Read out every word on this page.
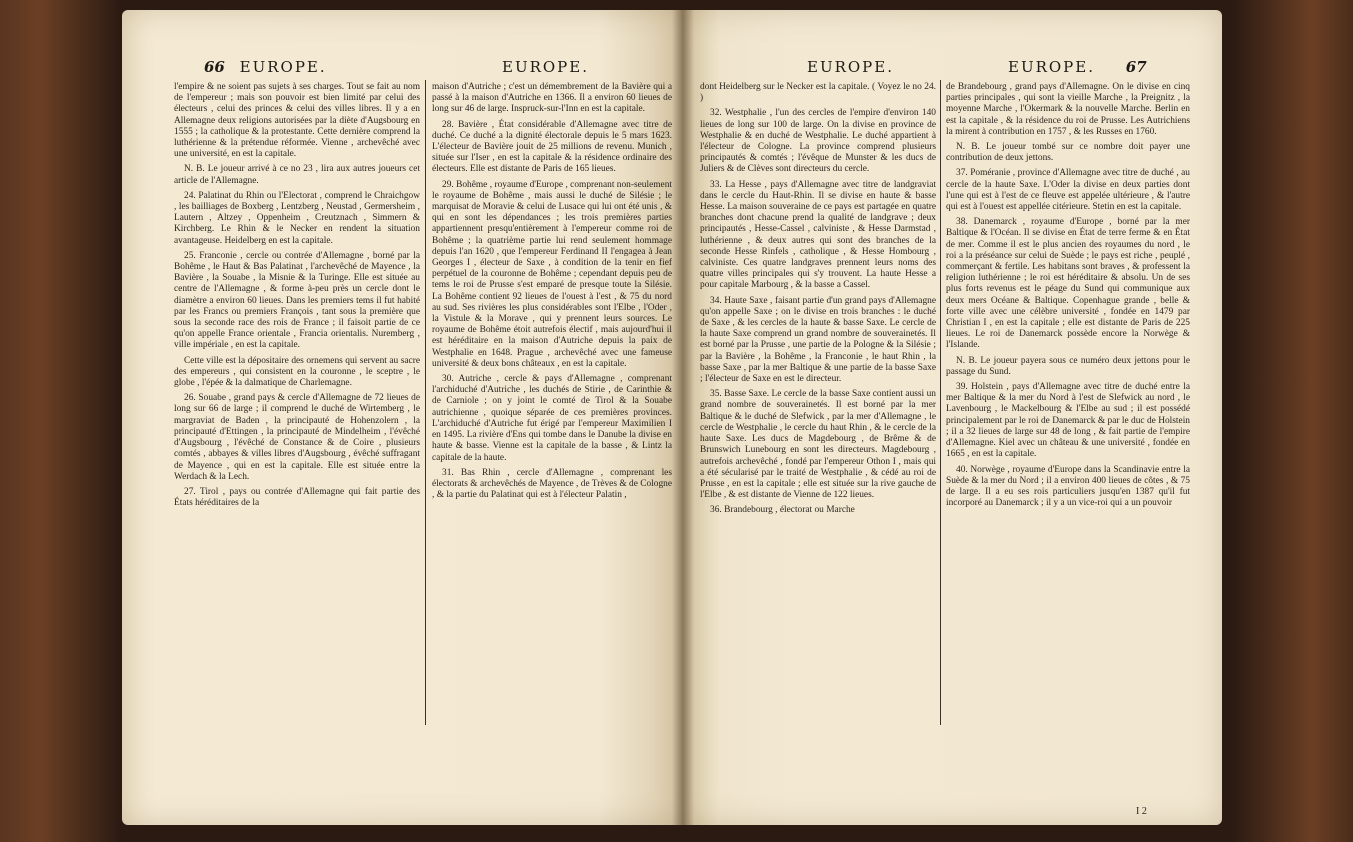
66 EUROPE.	EUROPE.

l'empire & ne soient pas sujets à ses charges. Tout se fait au nom de l'empereur ; mais son pouvoir est bien limité par celui des électeurs , celui des princes & celui des villes libres. Il y a en Allemagne deux religions autorisées par la diète d'Augsbourg en 1555 ; la catholique & la protestante. Cette dernière comprend la luthérienne & la prétendue réformée. Vienne , archevêché avec une université, en est la capitale.

N. B. Le joueur arrivé à ce no 23 , lira aux autres joueurs cet article de l'Allemagne.

24. Palatinat du Rhin ou l'Electorat , comprend le Chraichgow , les bailliages de Boxberg , Lentzberg , Neustad , Germersheim , Lautern , Altzey , Oppenheim , Creutznach , Simmern & Kirchberg. Le Rhin & le Necker en rendent la situation avantageuse. Heidelberg en est la capitale.

25. Franconie , cercle ou contrée d'Allemagne , borné par la Bohême , le Haut & Bas Palatinat , l'archevêché de Mayence , la Bavière , la Souabe , la Misnie & la Turinge. Elle est située au centre de l'Allemagne , & forme à-peu près un cercle dont le diamètre a environ 60 lieues. Dans les premiers tems il fut habité par les Francs ou premiers François , tant sous la première que sous la seconde race des rois de France ; il faisoit partie de ce qu'on appelle France orientale , Francia orientalis. Nuremberg , ville impériale , en est la capitale.

Cette ville est la dépositaire des ornemens qui servent au sacre des empereurs , qui consistent en la couronne , le sceptre , le globe , l'épée & la dalmatique de Charlemagne.

26. Souabe , grand pays & cercle d'Allemagne de 72 lieues de long sur 66 de large ; il comprend le duché de Wirtemberg , le margraviat de Baden , la principauté de Hohenzolern , la principauté d'Ettingen , la principauté de Mindelheim , l'évêché d'Augsbourg , l'évêché de Constance & de Coire , plusieurs comtés , abbayes & villes libres d'Augsbourg , évêché suffragant de Mayence , qui en est la capitale. Elle est située entre la Werdach & la Lech.

27. Tirol , pays ou contrée d'Allemagne qui fait partie des États héréditaires de la

maison d'Autriche ; c'est un démembrement de la Bavière qui a passé à la maison d'Autriche en 1366. Il a environ 60 lieues de long sur 46 de large. Inspruck-sur-l'Inn en est la capitale.

28. Bavière , État considérable d'Allemagne avec titre de duché. Ce duché a la dignité électorale depuis le 5 mars 1623. L'électeur de Bavière jouit de 25 millions de revenu. Munich , située sur l'Iser , en est la capitale & la résidence ordinaire des électeurs. Elle est distante de Paris de 165 lieues.

29. Bohême , royaume d'Europe , comprenant non-seulement le royaume de Bohême , mais aussi le duché de Silésie ; le marquisat de Moravie & celui de Lusace qui lui ont été unis , & qui en sont les dépendances ; les trois premières parties appartiennent presqu'entièrement à l'empereur comme roi de Bohême ; la quatrième partie lui rend seulement hommage depuis l'an 1620 , que l'empereur Ferdinand II l'engagea à Jean Georges I , électeur de Saxe , à condition de la tenir en fief perpétuel de la couronne de Bohême ; cependant depuis peu de tems le roi de Prusse s'est emparé de presque toute la Silésie. La Bohême contient 92 lieues de l'ouest à l'est , & 75 du nord au sud. Ses rivières les plus considérables sont l'Elbe , l'Oder , la Vistule & la Morave , qui y prennent leurs sources. Le royaume de Bohême étoit autrefois électif , mais aujourd'hui il est héréditaire en la maison d'Autriche depuis la paix de Westphalie en 1648. Prague , archevêché avec une fameuse université & deux bons châteaux , en est la capitale.

30. Autriche , cercle & pays d'Allemagne , comprenant l'archiduché d'Autriche , les duchés de Stirie , de Carinthie & de Carniole ; on y joint le comté de Tirol & la Souabe autrichienne , quoique séparée de ces premières provinces. L'archiduché d'Autriche fut érigé par l'empereur Maximilien I en 1495. La rivière d'Ens qui tombe dans le Danube la divise en haute & basse. Vienne est la capitale de la basse , & Lintz la capitale de la haute.

31. Bas Rhin , cercle d'Allemagne , comprenant les électorats & archevêchés de Mayence , de Trèves & de Cologne , & la partie du Palatinat qui est à l'électeur Palatin ,

EUROPE.	EUROPE. 67

dont Heidelberg sur le Necker est la capitale. ( Voyez le no 24. )

32. Westphalie , l'un des cercles de l'empire d'environ 140 lieues de long sur 100 de large. On la divise en province de Westphalie & en duché de Westphalie. Le duché appartient à l'électeur de Cologne. La province comprend plusieurs principautés & comtés ; l'évêque de Munster & les ducs de Juliers & de Clèves sont directeurs du cercle.

33. La Hesse , pays d'Allemagne avec titre de landgraviat dans le cercle du Haut-Rhin. Il se divise en haute & basse Hesse. La maison souveraine de ce pays est partagée en quatre branches dont chacune prend la qualité de landgrave ; deux principautés , Hesse-Cassel , calviniste , & Hesse Darmstad , luthérienne , & deux autres qui sont des branches de la seconde Hesse Rinfels , catholique , & Hesse Hombourg , calviniste. Ces quatre landgraves prennent leurs noms des quatre villes principales qui s'y trouvent. La haute Hesse a pour capitale Marbourg , & la basse a Cassel.

34. Haute Saxe , faisant partie d'un grand pays d'Allemagne qu'on appelle Saxe ; on le divise en trois branches : le duché de Saxe , & les cercles de la haute & basse Saxe. Le cercle de la haute Saxe comprend un grand nombre de souverainetés. Il est borné par la Prusse , une partie de la Pologne & la Silésie ; par la Bavière , la Bohême , la Franconie , le haut Rhin , la basse Saxe , par la mer Baltique & une partie de la basse Saxe ; l'électeur de Saxe en est le directeur.

35. Basse Saxe. Le cercle de la basse Saxe contient aussi un grand nombre de souverainetés. Il est borné par la mer Baltique & le duché de Slefwick , par la mer d'Allemagne , le cercle de Westphalie , le cercle du haut Rhin , & le cercle de la haute Saxe. Les ducs de Magdebourg , de Brême & de Brunswich Lunebourg en sont les directeurs. Magdebourg , autrefois archevêché , fondé par l'empereur Othon I , mais qui a été sécularisé par le traité de Westphalie , & cédé au roi de Prusse , en est la capitale ; elle est située sur la rive gauche de l'Elbe , & est distante de Vienne de 122 lieues.

36. Brandebourg , électorat ou Marche

de Brandebourg , grand pays d'Allemagne. On le divise en cinq parties principales , qui sont la vieille Marche , la Preignitz , la moyenne Marche , l'Okermark & la nouvelle Marche. Berlin en est la capitale , & la résidence du roi de Prusse. Les Autrichiens la mirent à contribution en 1757 , & les Russes en 1760.

N. B. Le joueur tombé sur ce nombre doit payer une contribution de deux jettons.

37. Poméranie , province d'Allemagne avec titre de duché , au cercle de la haute Saxe. L'Oder la divise en deux parties dont l'une qui est à l'est de ce fleuve est appelée ultérieure , & l'autre qui est à l'ouest est appellée citérieure. Stetin en est la capitale.

38. Danemarck , royaume d'Europe , borné par la mer Baltique & l'Océan. Il se divise en État de terre ferme & en État de mer. Comme il est le plus ancien des royaumes du nord , le roi a la préséance sur celui de Suède ; le pays est riche , peuplé , commerçant & fertile. Les habitans sont braves , & professent la religion luthérienne ; le roi est héréditaire & absolu. Un de ses plus forts revenus est le péage du Sund qui communique aux deux mers Océane & Baltique. Copenhague grande , belle & forte ville avec une célèbre université , fondée en 1479 par Christian I , en est la capitale ; elle est distante de Paris de 225 lieues. Le roi de Danemarck possède encore la Norwège & l'Islande.

N. B. Le joueur payera sous ce numéro deux jettons pour le passage du Sund.

39. Holstein , pays d'Allemagne avec titre de duché entre la mer Baltique & la mer du Nord à l'est de Slefwick au nord , le Lavenbourg , le Mackelbourg & l'Elbe au sud ; il est possédé principalement par le roi de Danemarck & par le duc de Holstein ; il a 32 lieues de large sur 48 de long , & fait partie de l'empire d'Allemagne. Kiel avec un château & une université , fondée en 1665 , en est la capitale.

40. Norwège , royaume d'Europe dans la Scandinavie entre la Suède & la mer du Nord ; il a environ 400 lieues de côtes , & 75 de large. Il a eu ses rois particuliers jusqu'en 1387 qu'il fut incorporé au Danemarck ; il y a un vice-roi qui a un pouvoir

I 2
